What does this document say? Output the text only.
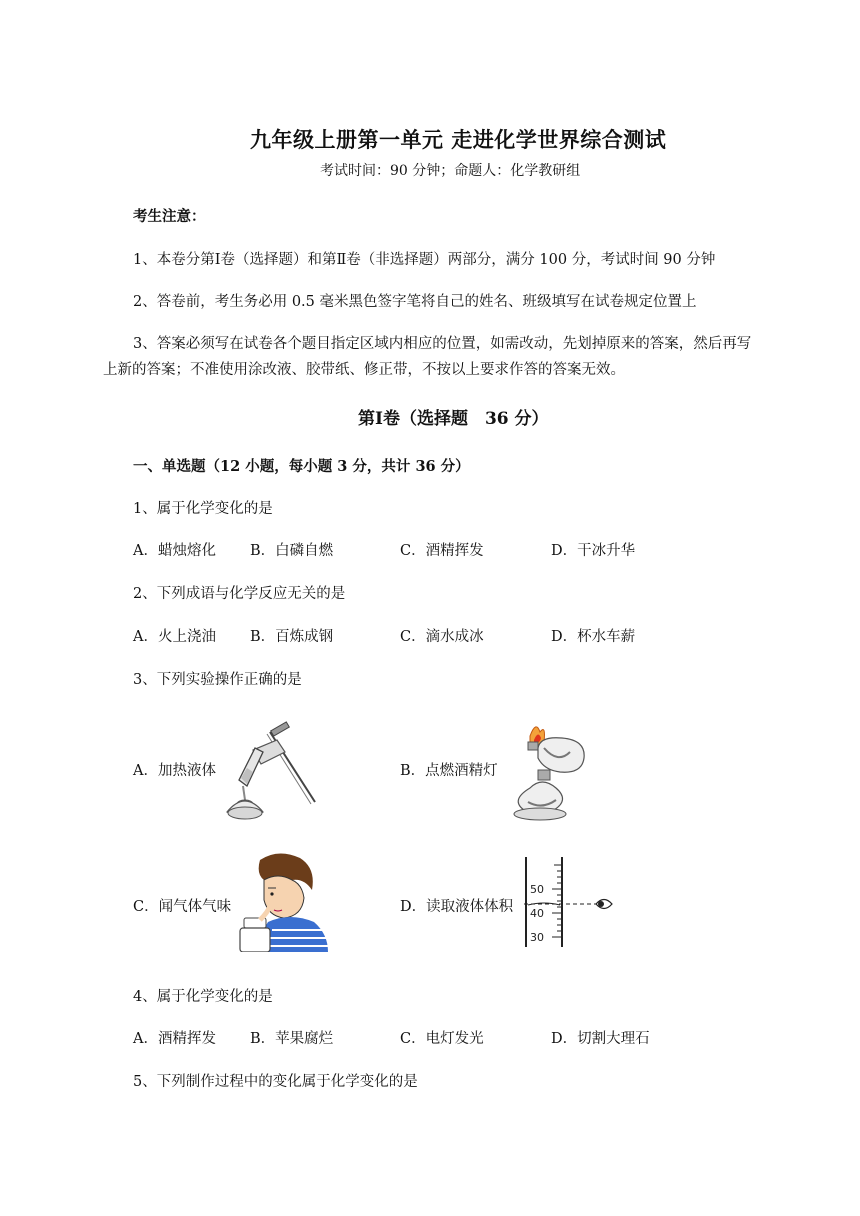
九年级上册第一单元 走进化学世界综合测试
考试时间：90 分钟；命题人：化学教研组
考生注意：
1、本卷分第Ⅰ卷（选择题）和第Ⅱ卷（非选择题）两部分，满分 100 分，考试时间 90 分钟
2、答卷前，考生务必用 0.5 毫米黑色签字笔将自己的姓名、班级填写在试卷规定位置上
3、答案必须写在试卷各个题目指定区域内相应的位置，如需改动，先划掉原来的答案，然后再写
上新的答案；不准使用涂改液、胶带纸、修正带，不按以上要求作答的答案无效。
第Ⅰ卷（选择题　36 分）
一、单选题（12 小题，每小题 3 分，共计 36 分）
1、属于化学变化的是
A．蜡烛熔化 B．白磷自燃	C．酒精挥发	D．干冰升华
2、下列成语与化学反应无关的是
A．火上浇油 B．百炼成钢	C．滴水成冰	D．杯水车薪
3、下列实验操作正确的是
A．加热液体	B．点燃酒精灯
C．闻气体气味	D．读取液体体积
50
40
30
4、属于化学变化的是
A．酒精挥发 B．苹果腐烂	C．电灯发光	D．切割大理石
5、下列制作过程中的变化属于化学变化的是
